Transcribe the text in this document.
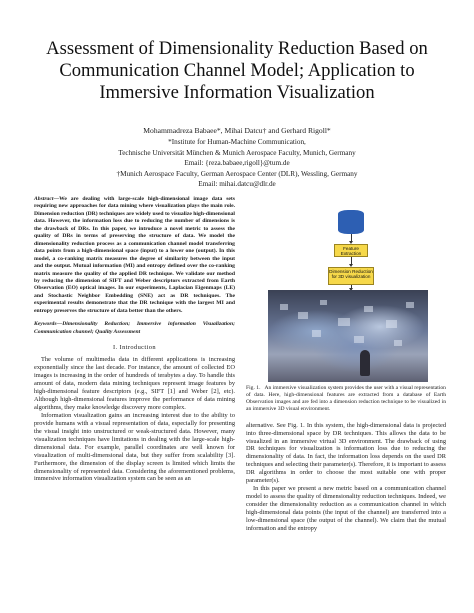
Assessment of Dimensionality Reduction Based on
Communication Channel Model; Application to
Immersive Information Visualization
Mohammadreza Babaee*, Mihai Datcu† and Gerhard Rigoll*
*Institute for Human-Machine Communication,
Technische Universität München & Munich Aerospace Faculty, Munich, Germany
Email: {reza.babaee,rigoll}@tum.de
†Munich Aerospace Faculty, German Aerospace Center (DLR), Wessling, Germany
Email: mihai.datcu@dlr.de

Abstract—We are dealing with large-scale high-dimensional image data sets requiring new approaches for data mining where visualization plays the main role. Dimension reduction (DR) techniques are widely used to visualize high-dimensional data. However, the information loss due to reducing the number of dimensions is the drawback of DRs. In this paper, we introduce a novel metric to assess the quality of DRs in terms of preserving the structure of data. We model the dimensionality reduction process as a communication channel model transferring data points from a high-dimensional space (input) to a lower one (output). In this model, a co-ranking matrix measures the degree of similarity between the input and the output. Mutual information (MI) and entropy defined over the co-ranking matrix measure the quality of the applied DR technique. We validate our method by reducing the dimension of SIFT and Weber descriptors extracted from Earth Observation (EO) optical images. In our experiments, Laplacian Eigenmaps (LE) and Stochastic Neighbor Embedding (SNE) act as DR techniques. The experimental results demonstrate that the DR technique with the largest MI and entropy preserves the structure of data better than the others.

Keywords—Dimensionality Reduction; Immersive information Visualization; Communication channel; Quality Assessment

I. Introduction

The volume of multimedia data in different applications is increasing exponentially since the last decade. For instance, the amount of collected EO images is increasing in the order of hundreds of terabytes a day. To handle this amount of data, modern data mining techniques represent image features by high-dimensional feature descriptors (e.g., SIFT [1] and Weber [2], etc). Although high-dimensional features improve the performance of data mining algorithms, they make knowledge discovery more complex.

Information visualization gains an increasing interest due to the ability to provide humans with a visual representation of data, especially for presenting the visual insight into unstructured or weak-structured data. However, many visualization techniques have limitations in dealing with the large-scale high-dimensional data. For example, parallel coordinates are well known for visualization of multi-dimensional data, but they suffer from scalability [3]. Furthermore, the dimension of the display screen is limited which limits the dimensionality of represented data. Considering the aforementioned problems, immersive information visualization system can be seen as an

Feature Extraction
Dimension Reduction for 3D visualization

Fig. 1. An immersive visualization system provides the user with a visual representation of data. Here, high-dimensional features are extracted from a database of Earth Observation images and are fed into a dimension reduction technique to be visualized in an immersive 3D visual environment.

alternative. See Fig. 1. In this system, the high-dimensional data is projected into three-dimensional space by DR techniques. This allows the data to be visualized in an immersive virtual 3D environment. The drawback of using DR techniques for visualization is information loss due to reducing the dimensionality of data. In fact, the information loss depends on the used DR techniques and selecting their parameter(s). Therefore, it is important to assess DR algorithms in order to choose the most suitable one with proper parameter(s).

In this paper we present a new metric based on a communication channel model to assess the quality of dimensionality reduction techniques. Indeed, we consider the dimensionality reduction as a communication channel in which high-dimensional data points (the input of the channel) are transferred into a low-dimensional space (the output of the channel). We claim that the mutual information and the entropy
